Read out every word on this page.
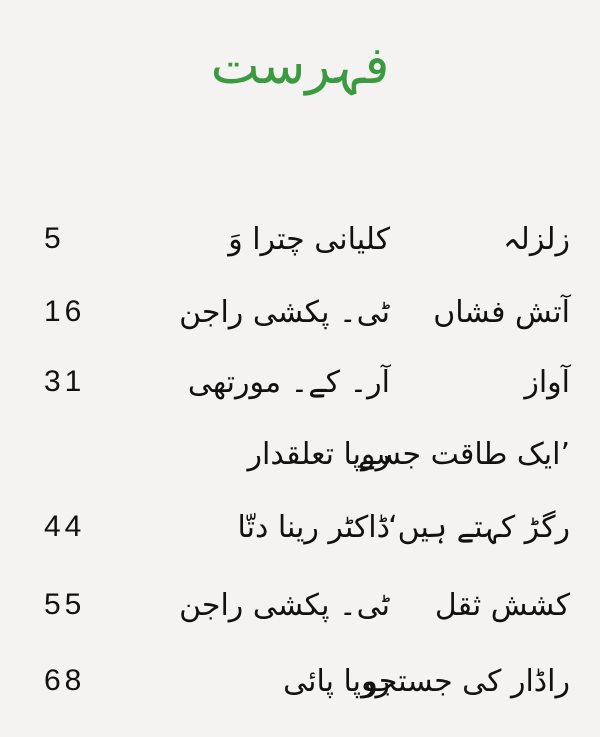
فہرست
زلزلہ
کلیانی چترا وَ
5
آتش فشاں
ٹی۔ پکشی راجن
16
آواز
آر۔ کے۔ مورتھی
31
’ایک طاقت جسے
روپا تعلقدار
رگڑ کہتے ہیں‘
ڈاکٹر رینا دتّا
44
کشش ثقل
ٹی۔ پکشی راجن
55
راڈار کی جستجو
روپا پائی
68
